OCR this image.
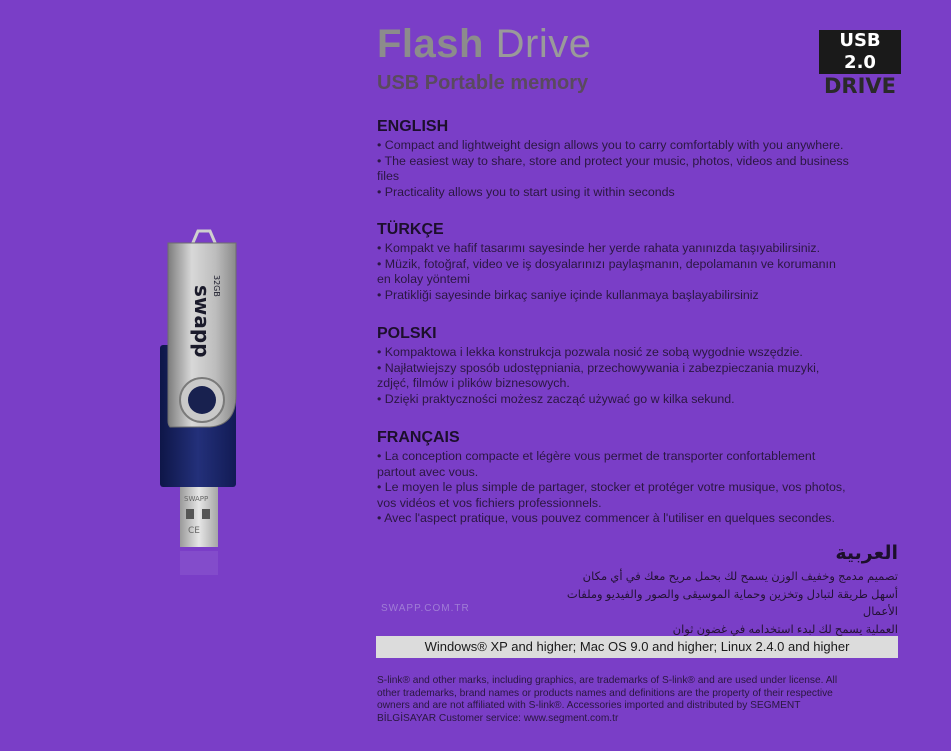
SWAPP
CE
swapp
32GB
Flash Drive
USB Portable memory
USB 2.0
DRIVE
ENGLISH
• Compact and lightweight design allows you to carry comfortably with you anywhere.
• The easiest way to share, store and protect your music, photos, videos and business
files
• Practicality allows you to start using it within seconds
TÜRKÇE
• Kompakt ve hafif tasarımı sayesinde her yerde rahata yanınızda taşıyabilirsiniz.
• Müzik, fotoğraf, video ve iş dosyalarınızı paylaşmanın, depolamanın ve korumanın
en kolay yöntemi
• Pratikliği sayesinde birkaç saniye içinde kullanmaya başlayabilirsiniz
POLSKI
• Kompaktowa i lekka konstrukcja pozwala nosić ze sobą wygodnie wszędzie.
• Najłatwiejszy sposób udostępniania, przechowywania i zabezpieczania muzyki,
zdjęć, filmów i plików biznesowych.
• Dzięki praktyczności możesz zacząć używać go w kilka sekund.
FRANÇAIS
• La conception compacte et légère vous permet de transporter confortablement
partout avec vous.
• Le moyen le plus simple de partager, stocker et protéger votre musique, vos photos,
vos vidéos et vos fichiers professionnels.
• Avec l'aspect pratique, vous pouvez commencer à l'utiliser en quelques secondes.
العربية
تصميم مدمج وخفيف الوزن يسمح لك بحمل مريح معك في أي مكان
أسهل طريقة لتبادل وتخزين وحماية الموسيقى والصور والفيديو وملفات الأعمال
العملية يسمح لك لبدء استخدامه في غضون ثوان
SWAPP.COM.TR
Windows® XP and higher; Mac OS 9.0 and higher; Linux 2.4.0 and higher
S-link® and other marks, including graphics, are trademarks of S-link® and are used under license. All
other trademarks, brand names or products names and definitions are the property of their respective
owners and are not affiliated with S-link®. Accessories imported and distributed by SEGMENT
BİLGİSAYAR Customer service: www.segment.com.tr
